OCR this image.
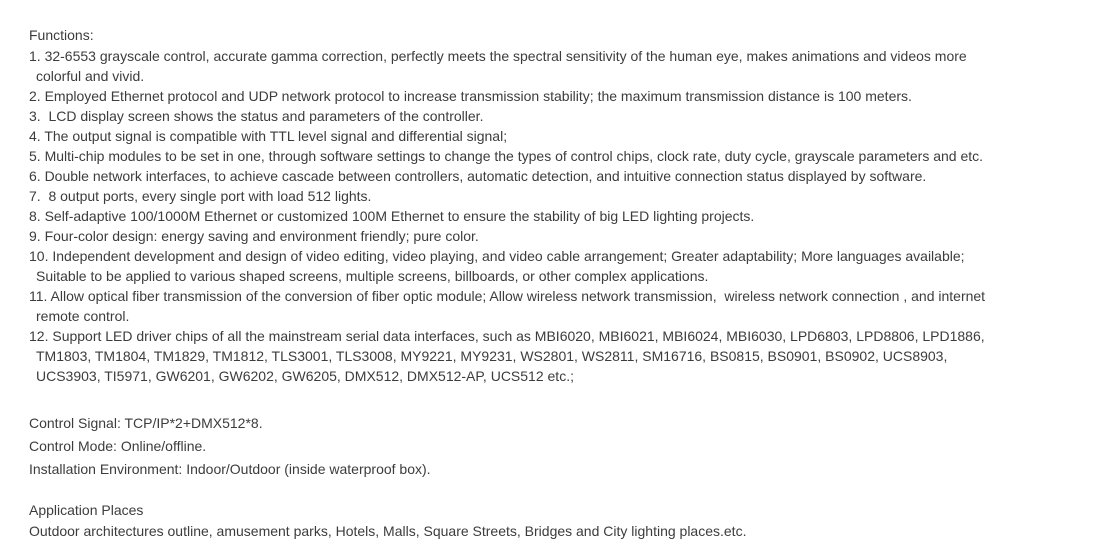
Functions:

1. 32-6553 grayscale control, accurate gamma correction, perfectly meets the spectral sensitivity of the human eye, makes animations and videos more
colorful and vivid.
2. Employed Ethernet protocol and UDP network protocol to increase transmission stability; the maximum transmission distance is 100 meters.
3.  LCD display screen shows the status and parameters of the controller.
4. The output signal is compatible with TTL level signal and differential signal;
5. Multi-chip modules to be set in one, through software settings to change the types of control chips, clock rate, duty cycle, grayscale parameters and etc.
6. Double network interfaces, to achieve cascade between controllers, automatic detection, and intuitive connection status displayed by software.
7.  8 output ports, every single port with load 512 lights.
8. Self-adaptive 100/1000M Ethernet or customized 100M Ethernet to ensure the stability of big LED lighting projects.
9. Four-color design: energy saving and environment friendly; pure color.
10. Independent development and design of video editing, video playing, and video cable arrangement; Greater adaptability; More languages available;
Suitable to be applied to various shaped screens, multiple screens, billboards, or other complex applications.
11. Allow optical fiber transmission of the conversion of fiber optic module; Allow wireless network transmission,  wireless network connection , and internet
remote control.
12. Support LED driver chips of all the mainstream serial data interfaces, such as MBI6020, MBI6021, MBI6024, MBI6030, LPD6803, LPD8806, LPD1886,
TM1803, TM1804, TM1829, TM1812, TLS3001, TLS3008, MY9221, MY9231, WS2801, WS2811, SM16716, BS0815, BS0901, BS0902, UCS8903,
UCS3903, TI5971, GW6201, GW6202, GW6205, DMX512, DMX512-AP, UCS512 etc.;
Control Signal: TCP/IP*2+DMX512*8.
Control Mode: Online/offline.
Installation Environment: Indoor/Outdoor (inside waterproof box).
Application Places
Outdoor architectures outline, amusement parks, Hotels, Malls, Square Streets, Bridges and City lighting places.etc.
